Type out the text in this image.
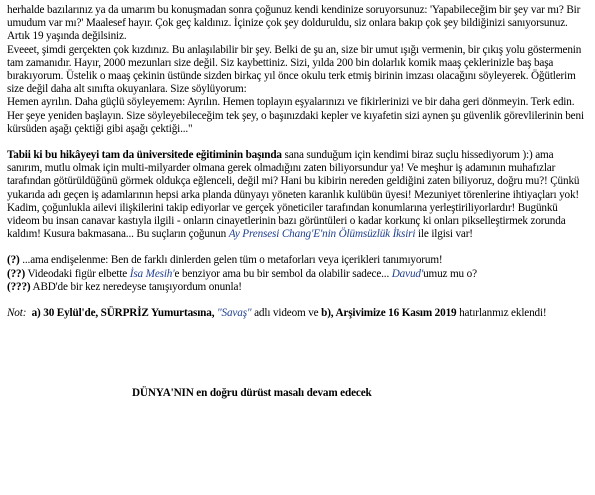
herhalde bazılarınız ya da umarım bu konuşmadan sonra çoğunuz kendi kendinize soruyorsunuz: 'Yapabileceğim bir şey var mı? Bir umudum var mı?' Maalesef hayır. Çok geç kaldınız. İçinize çok şey dolduruldu, siz onlara bakıp çok şey bildiğinizi sanıyorsunuz. Artık 19 yaşında değilsiniz.

Eveeet, şimdi gerçekten çok kızdınız. Bu anlaşılabilir bir şey. Belki de şu an, size bir umut ışığı vermenin, bir çıkış yolu göstermenin tam zamanıdır. Hayır, 2000 mezunları size değil. Siz kaybettiniz. Sizi, yılda 200 bin dolarlık komik maaş çeklerinizle baş başa bırakıyorum. Üstelik o maaş çekinin üstünde sizden birkaç yıl önce okulu terk etmiş birinin imzası olacağını söyleyerek. Öğütlerim size değil daha alt sınıfta okuyanlara. Size söylüyorum:

Hemen ayrılın. Daha güçlü söyleyemem: Ayrılın. Hemen toplayın eşyalarınızı ve fikirlerinizi ve bir daha geri dönmeyin. Terk edin. Her şeye yeniden başlayın. Size söyleyebileceğim tek şey, o başınızdaki kepler ve kıyafetin sizi aynen şu güvenlik görevlilerinin beni kürsüden aşağı çektiği gibi aşağı çektiği..."

Tabii ki bu hikâyeyi tam da üniversitede eğitiminin başında sana sunduğum için kendimi biraz suçlu hissediyorum ):) ama sanırım, mutlu olmak için multi-milyarder olmana gerek olmadığını zaten biliyorsundur ya! Ve meşhur iş adamının muhafızlar tarafından götürüldüğünü görmek oldukça eğlenceli, değil mi? Hani bu kibirin nereden geldiğini zaten biliyoruz, doğru mu?! Çünkü yukarıda adı geçen iş adamlarının hepsi arka planda dünyayı yöneten karanlık kulübün üyesi! Mezuniyet törenlerine ihtiyaçları yok! Kadim, çoğunlukla ailevi ilişkilerini takip ediyorlar ve gerçek yöneticiler tarafından konumlarına yerleştiriliyorlardır! Bugünkü videom bu insan canavar kastıyla ilgili - onların cinayetlerinin bazı görüntüleri o kadar korkunç ki onları pikselleştirmek zorunda kaldım! Kusura bakmasana... Bu suçların çoğunun Ay Prensesi Chang'E'nin Ölümsüzlük İksiri ile ilgisi var!

(?) ...ama endişelenme: Ben de farklı dinlerden gelen tüm o metaforları veya içerikleri tanımıyorum!

(??) Videodaki figür elbette İsa Mesih'e benziyor ama bu bir sembol da olabilir sadece... Davud'umuz mu o?

(???) ABD'de bir kez neredeyse tanışıyordum onunla!

Not: a) 30 Eylül'de, SÜRPRİZ Yumurtasına, "Savaş" adlı videom ve b), Arşivimize 16 Kasım 2019 hatırlanmız eklendi!

DÜNYA'NIN en doğru dürüst masalı devam edecek
